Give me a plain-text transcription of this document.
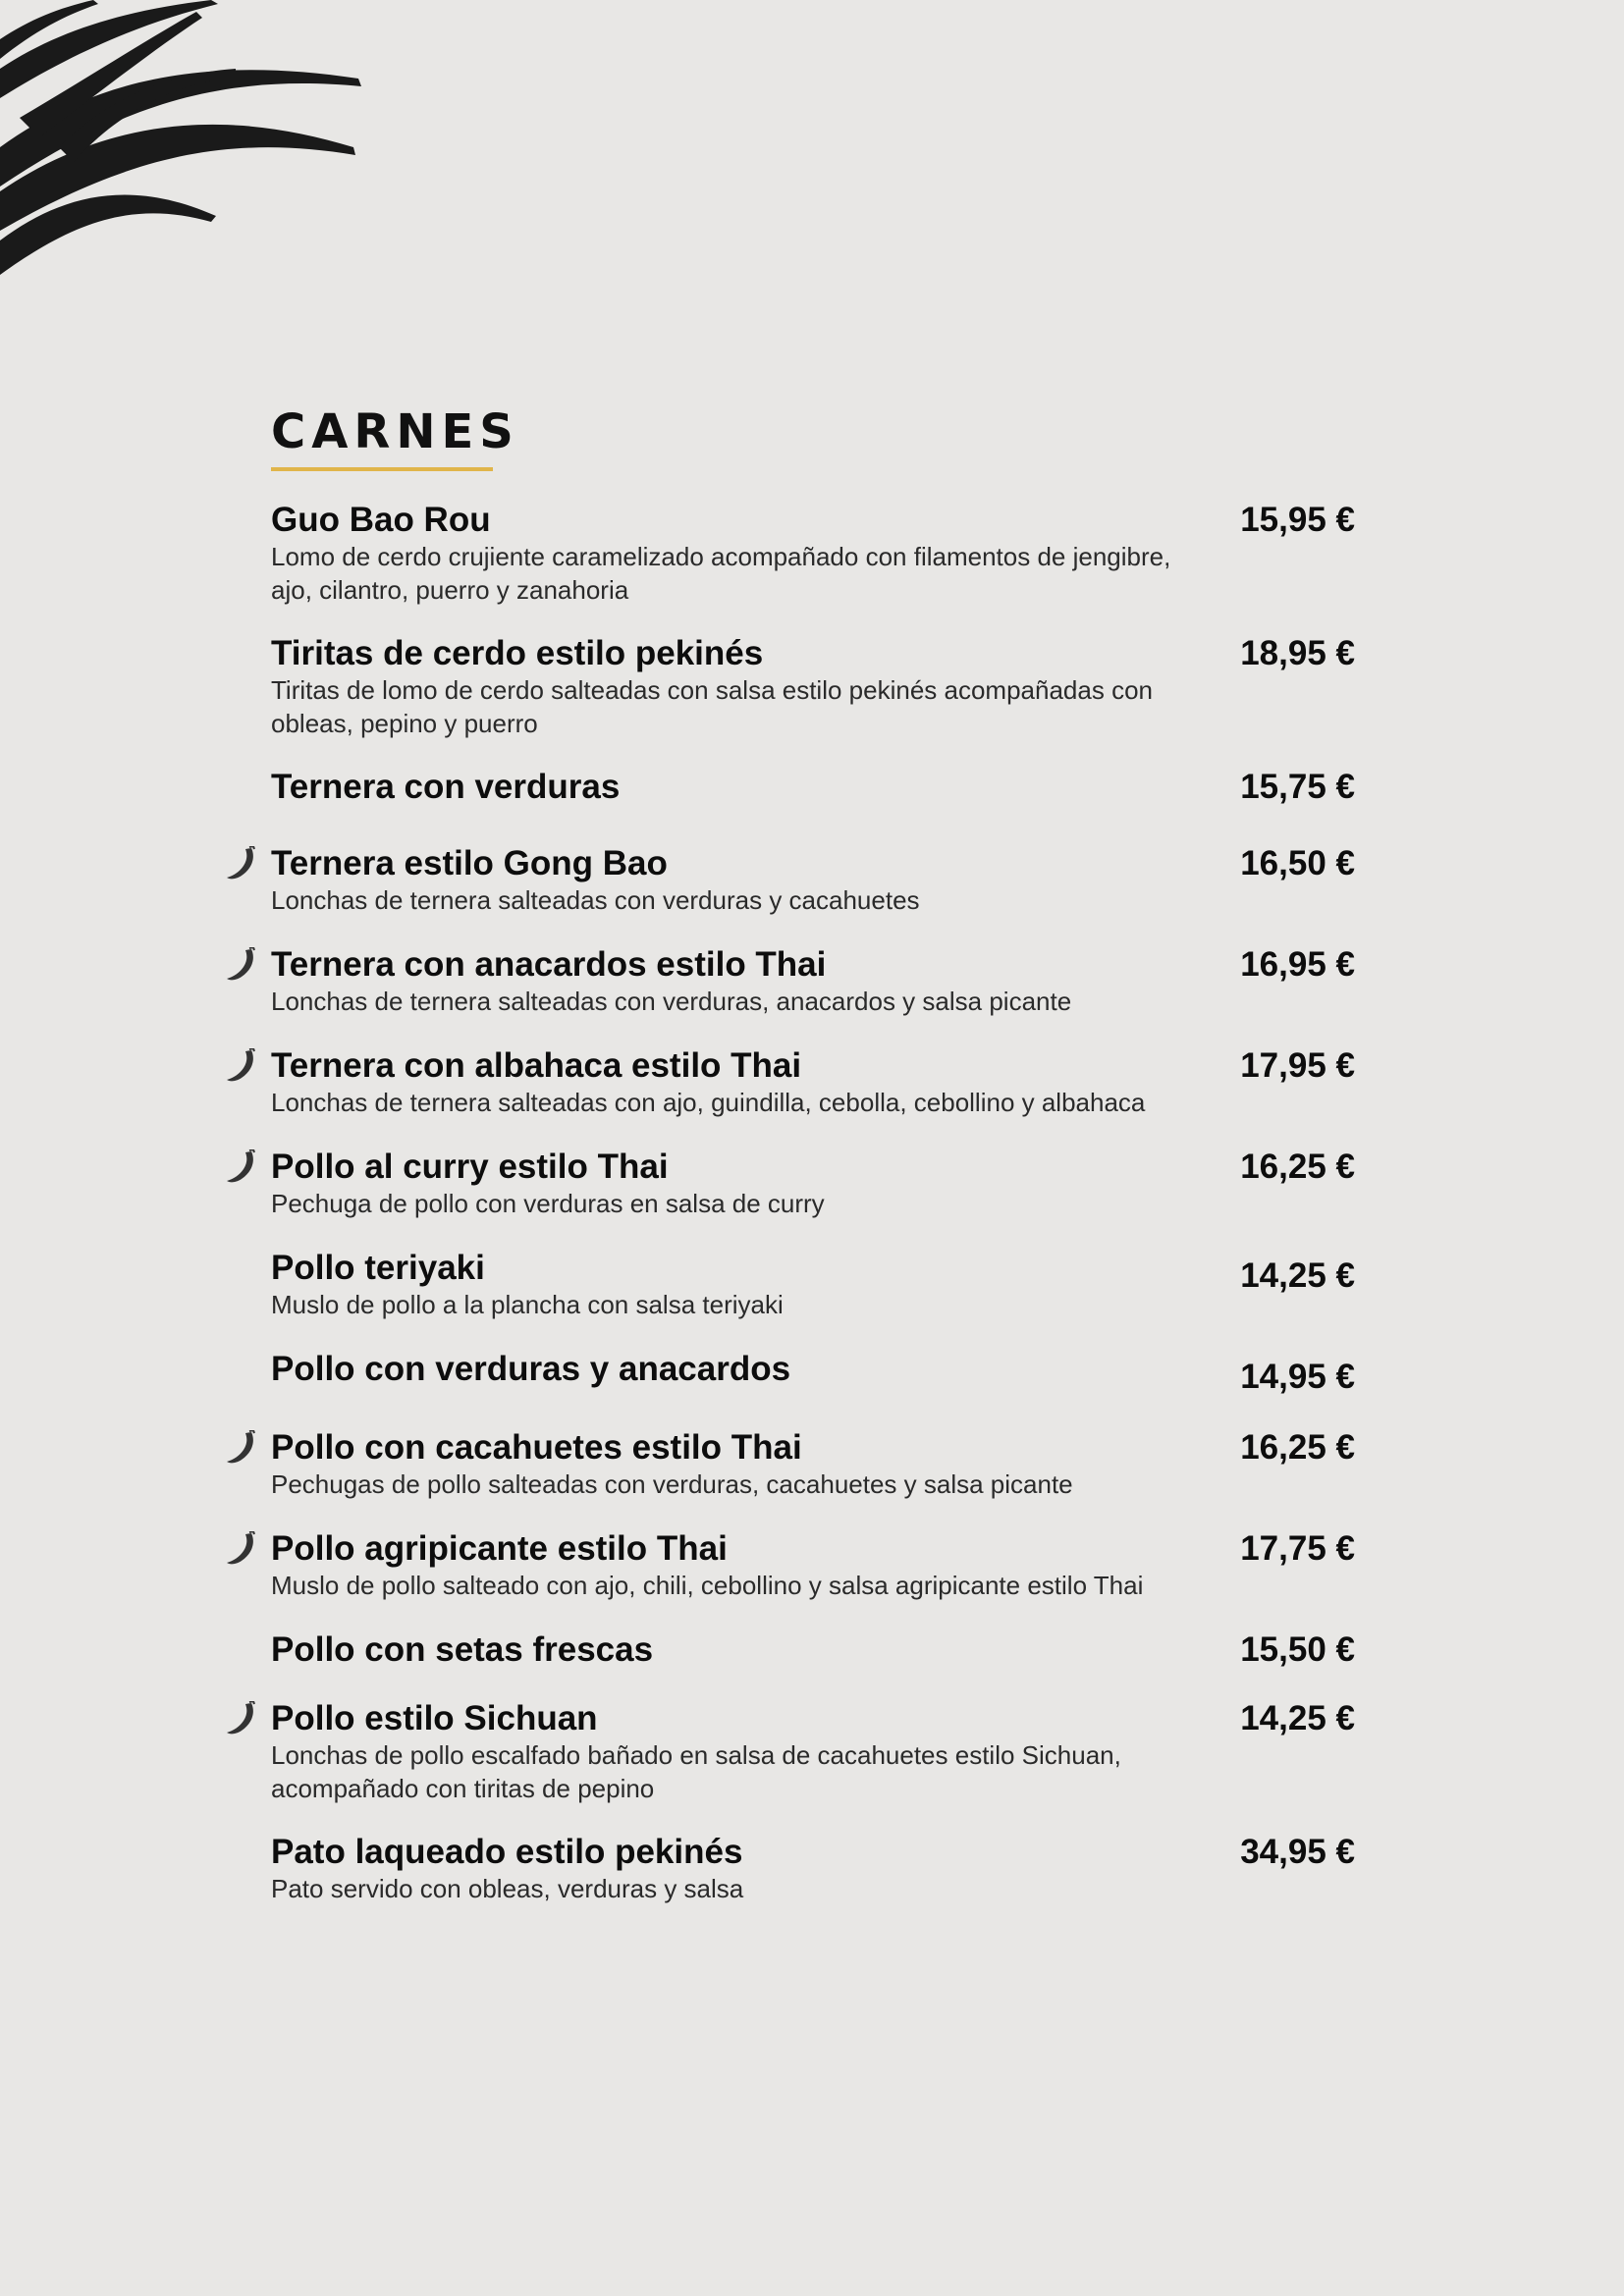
CARNES
Guo Bao Rou	15,95 €
Lomo de cerdo crujiente caramelizado acompañado con filamentos de jengibre, ajo, cilantro, puerro y zanahoria
Tiritas de cerdo estilo pekinés	18,95 €
Tiritas de lomo de cerdo salteadas con salsa estilo pekinés acompañadas con obleas, pepino y puerro
Ternera con verduras	15,75 €
Ternera estilo Gong Bao	16,50 €
Lonchas de ternera salteadas con verduras y cacahuetes
Ternera con anacardos estilo Thai	16,95 €
Lonchas de ternera salteadas con verduras, anacardos y salsa picante
Ternera con albahaca estilo Thai	17,95 €
Lonchas de ternera salteadas con ajo, guindilla, cebolla, cebollino y albahaca
Pollo al curry estilo Thai	16,25 €
Pechuga de pollo con verduras en salsa de curry
Pollo teriyaki	14,25 €
Muslo de pollo a la plancha con salsa teriyaki
Pollo con verduras y anacardos	14,95 €
Pollo con cacahuetes estilo Thai	16,25 €
Pechugas de pollo salteadas con verduras, cacahuetes y salsa picante
Pollo agripicante estilo Thai	17,75 €
Muslo de pollo salteado con ajo, chili, cebollino y salsa agripicante estilo Thai
Pollo con setas frescas	15,50 €
Pollo estilo Sichuan	14,25 €
Lonchas de pollo escalfado bañado en salsa de cacahuetes estilo Sichuan, acompañado con tiritas de pepino
Pato laqueado estilo pekinés	34,95 €
Pato servido con obleas, verduras y salsa
